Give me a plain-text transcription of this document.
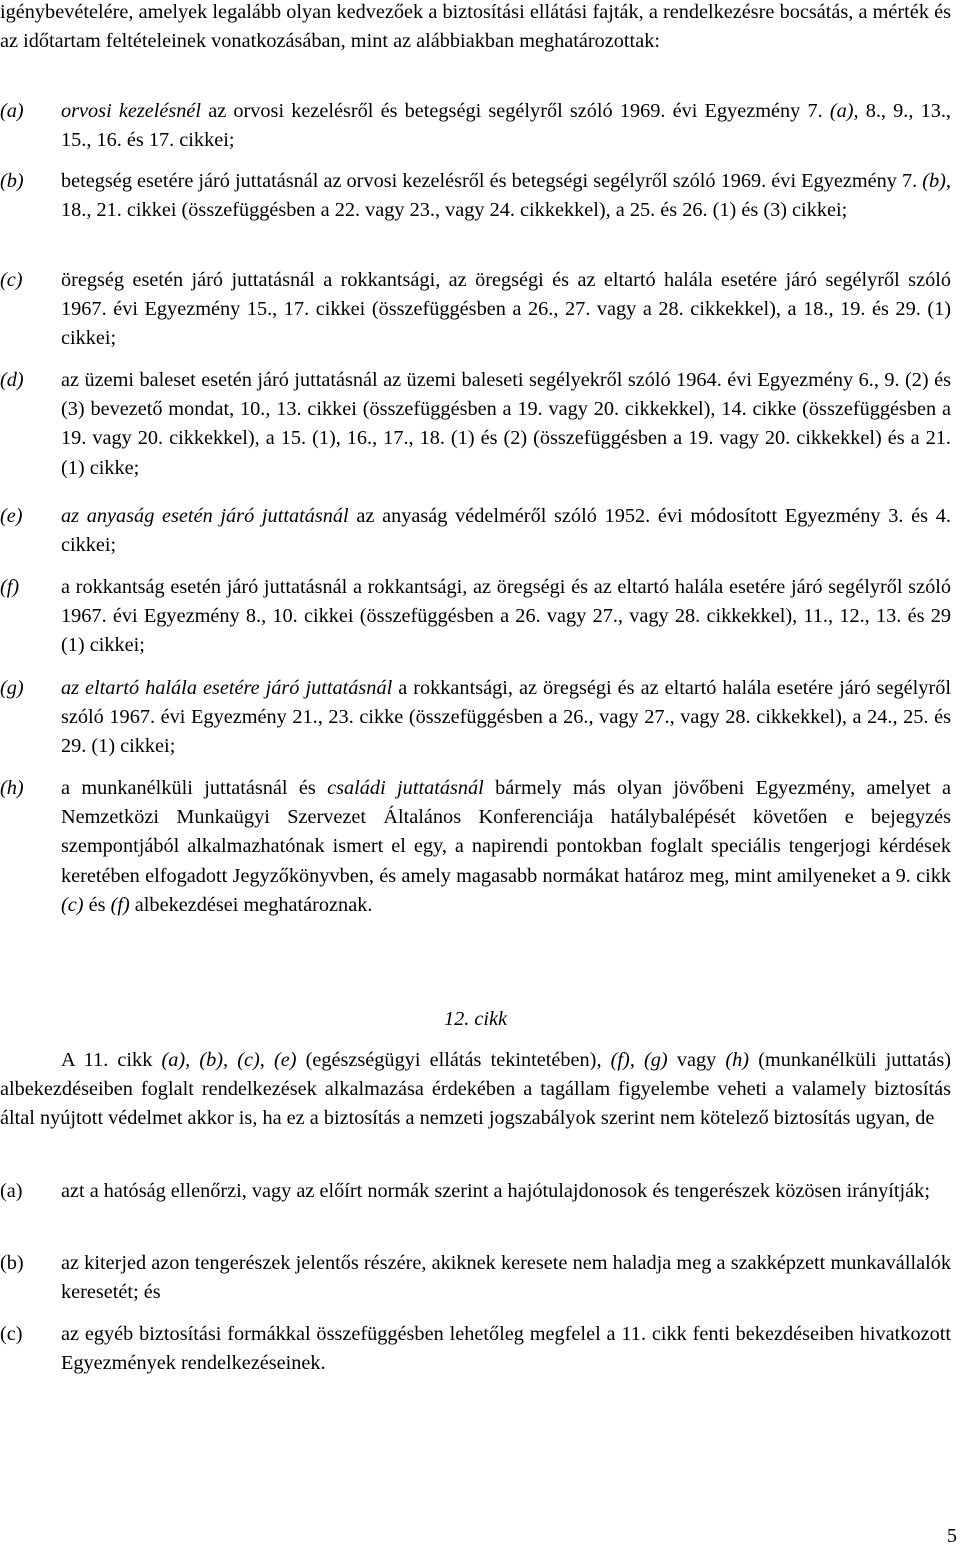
igénybevételére, amelyek legalább olyan kedvezőek a biztosítási ellátási fajták, a rendelkezésre bocsátás, a mérték és az időtartam feltételeinek vonatkozásában, mint az alábbiakban meghatározottak:

(a) orvosi kezelésnél az orvosi kezelésről és betegségi segélyről szóló 1969. évi Egyezmény 7. (a), 8., 9., 13., 15., 16. és 17. cikkei;
(b) betegség esetére járó juttatásnál az orvosi kezelésről és betegségi segélyről szóló 1969. évi Egyezmény 7. (b), 18., 21. cikkei (összefüggésben a 22. vagy 23., vagy 24. cikkekkel), a 25. és 26. (1) és (3) cikkei;
(c) öregség esetén járó juttatásnál a rokkantsági, az öregségi és az eltartó halála esetére járó segélyről szóló 1967. évi Egyezmény 15., 17. cikkei (összefüggésben a 26., 27. vagy a 28. cikkekkel), a 18., 19. és 29. (1) cikkei;
(d) az üzemi baleset esetén járó juttatásnál az üzemi baleseti segélyekről szóló 1964. évi Egyezmény 6., 9. (2) és (3) bevezető mondat, 10., 13. cikkei (összefüggésben a 19. vagy 20. cikkekkel), 14. cikke (összefüggésben a 19. vagy 20. cikkekkel), a 15. (1), 16., 17., 18. (1) és (2) (összefüggésben a 19. vagy 20. cikkekkel) és a 21. (1) cikke;
(e) az anyaság esetén járó juttatásnál az anyaság védelméről szóló 1952. évi módosított Egyezmény 3. és 4. cikkei;
(f) a rokkantság esetén járó juttatásnál a rokkantsági, az öregségi és az eltartó halála esetére járó segélyről szóló 1967. évi Egyezmény 8., 10. cikkei (összefüggésben a 26. vagy 27., vagy 28. cikkekkel), 11., 12., 13. és 29 (1) cikkei;
(g) az eltartó halála esetére járó juttatásnál a rokkantsági, az öregségi és az eltartó halála esetére járó segélyről szóló 1967. évi Egyezmény 21., 23. cikke (összefüggésben a 26., vagy 27., vagy 28. cikkekkel), a 24., 25. és 29. (1) cikkei;
(h) a munkanélküli juttatásnál és családi juttatásnál bármely más olyan jövőbeni Egyezmény, amelyet a Nemzetközi Munkaügyi Szervezet Általános Konferenciája hatálybalépését követően e bejegyzés szempontjából alkalmazhatónak ismert el egy, a napirendi pontokban foglalt speciális tengerjogi kérdések keretében elfogadott Jegyzőkönyvben, és amely magasabb normákat határoz meg, mint amilyeneket a 9. cikk (c) és (f) albekezdései meghatároznak.
12. cikk

A 11. cikk (a), (b), (c), (e) (egészségügyi ellátás tekintetében), (f), (g) vagy (h) (munkanélküli juttatás) albekezdéseiben foglalt rendelkezések alkalmazása érdekében a tagállam figyelembe veheti a valamely biztosítás által nyújtott védelmet akkor is, ha ez a biztosítás a nemzeti jogszabályok szerint nem kötelező biztosítás ugyan, de

(a) azt a hatóság ellenőrzi, vagy az előírt normák szerint a hajótulajdonosok és tengerészek közösen irányítják;
(b) az kiterjed azon tengerészek jelentős részére, akiknek keresete nem haladja meg a szakképzett munkavállalók keresetét; és
(c) az egyéb biztosítási formákkal összefüggésben lehetőleg megfelel a 11. cikk fenti bekezdéseiben hivatkozott Egyezmények rendelkezéseinek.
5
